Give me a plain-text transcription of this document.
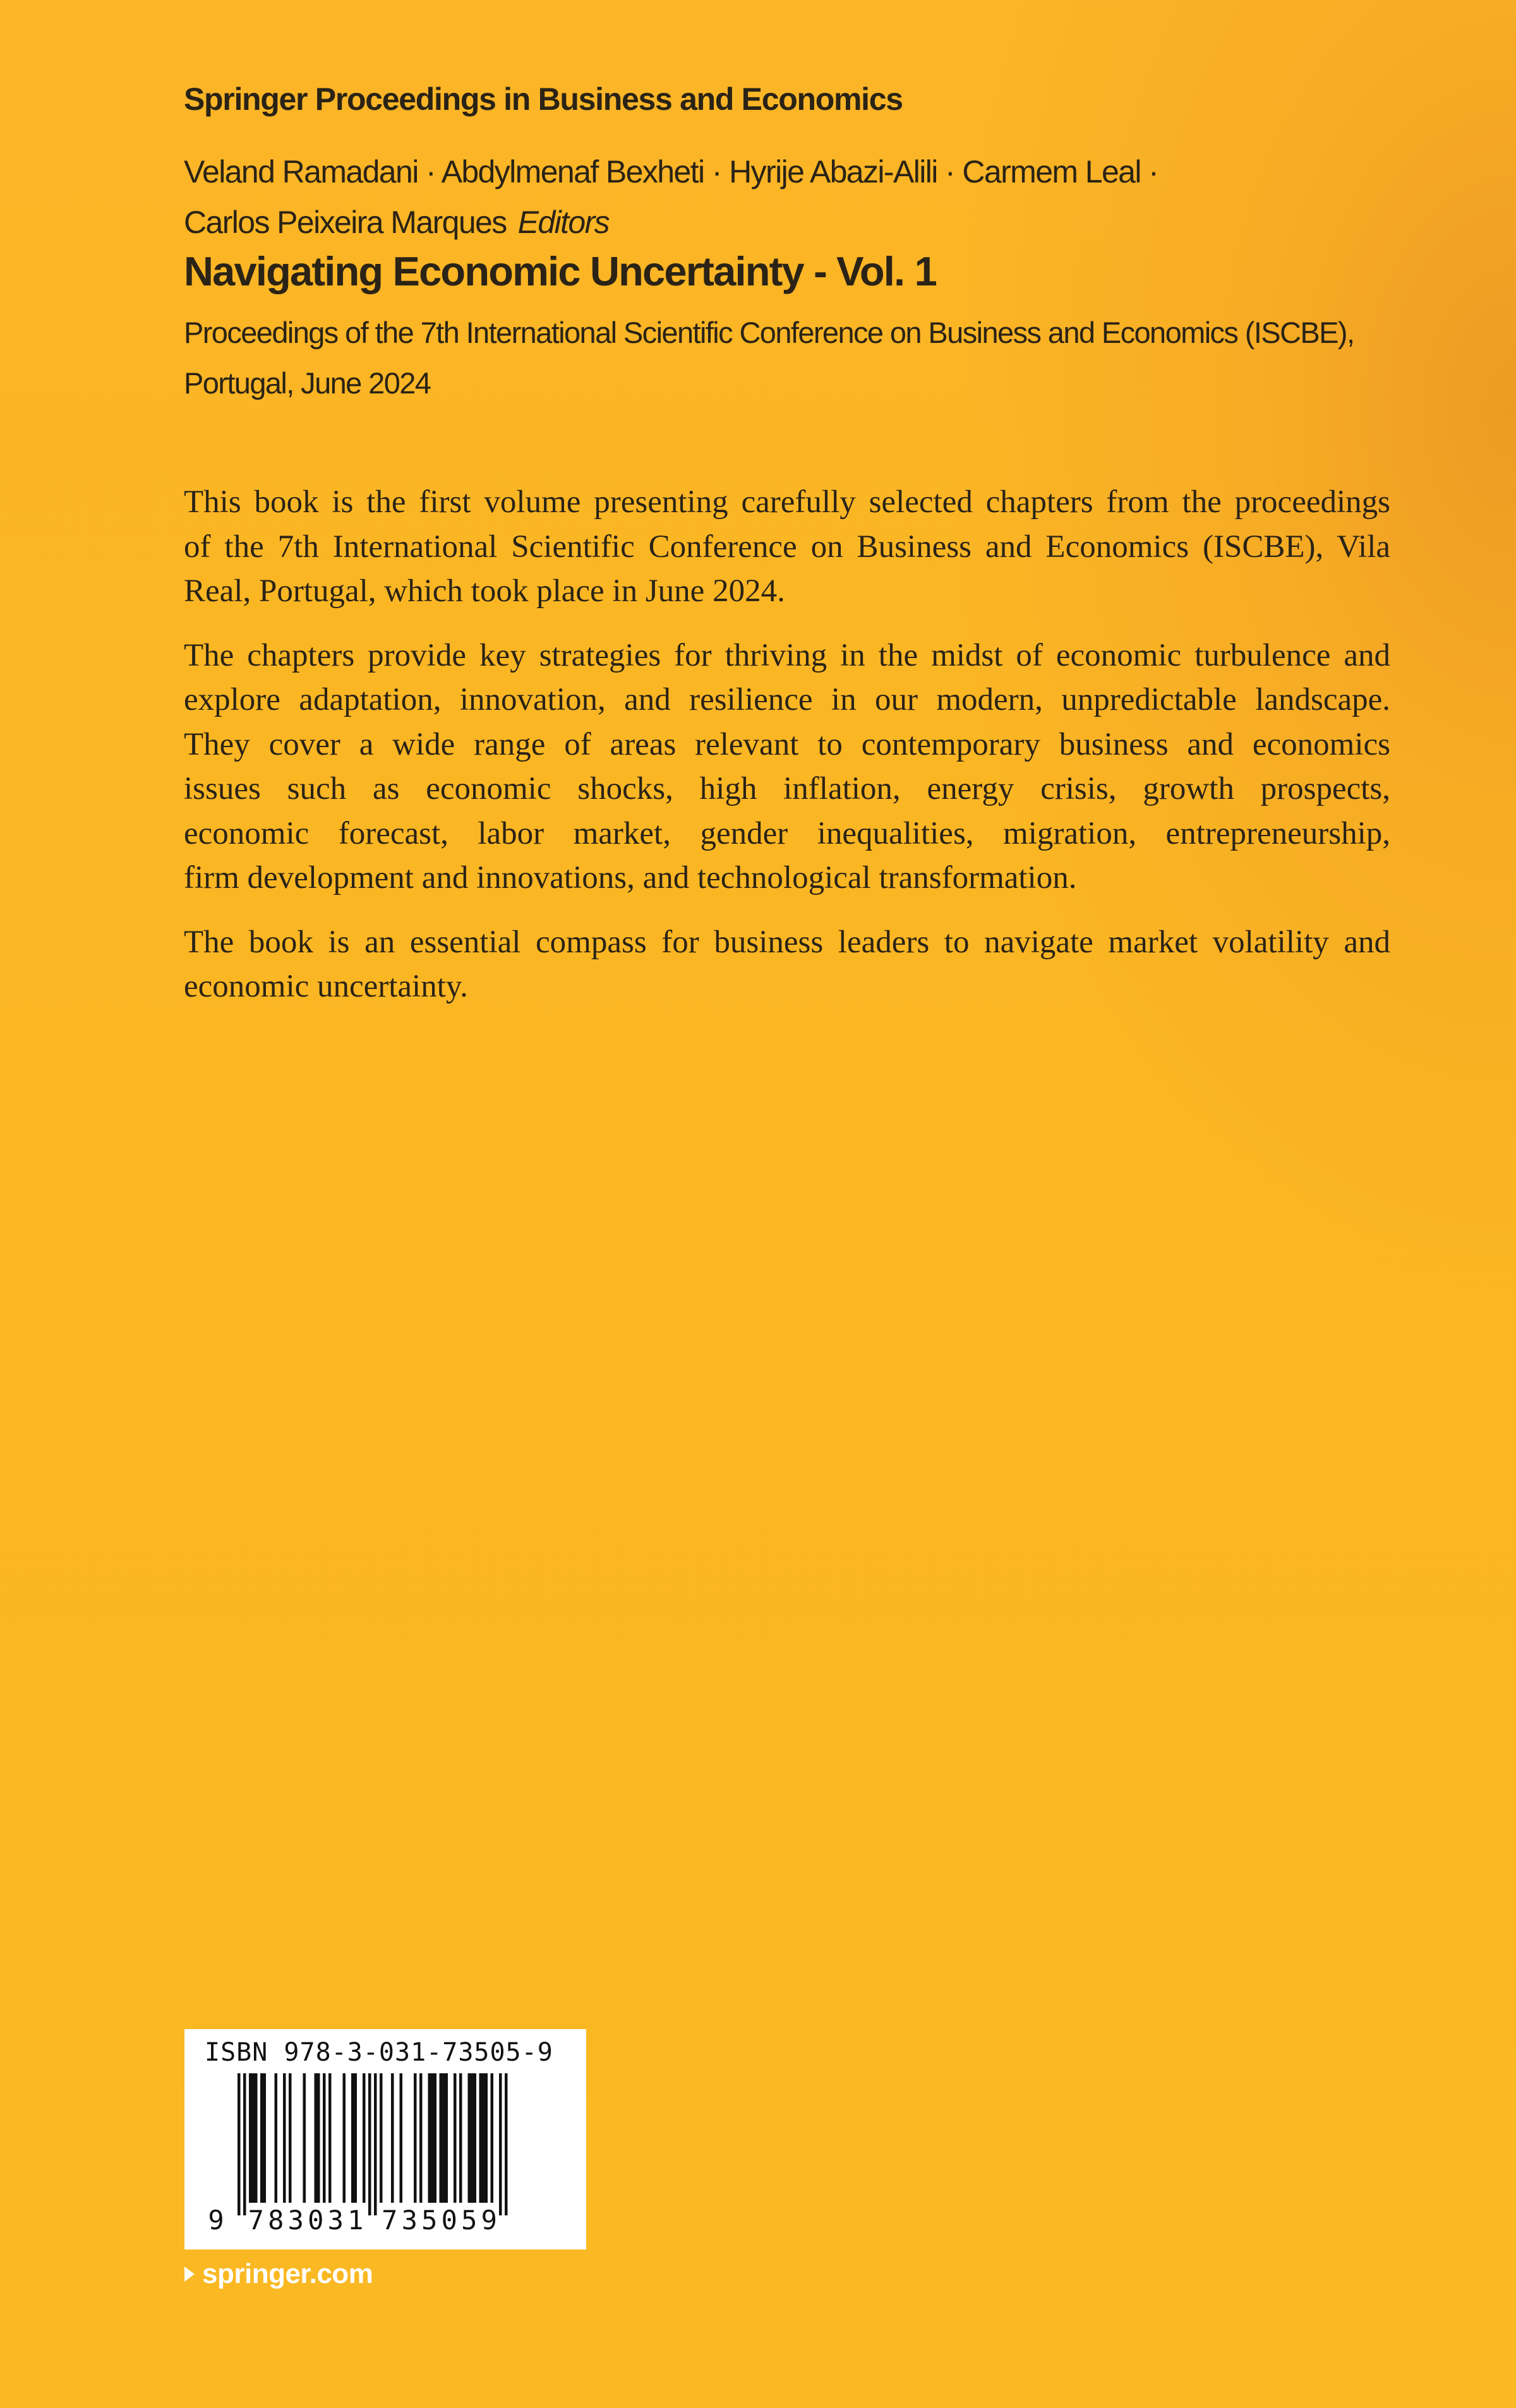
Springer Proceedings in Business and Economics
Veland Ramadani · Abdylmenaf Bexheti · Hyrije Abazi-Alili · Carmem Leal ·
Carlos Peixeira Marques Editors
Navigating Economic Uncertainty - Vol. 1
Proceedings of the 7th International Scientific Conference on Business and Economics (ISCBE),
Portugal, June 2024

This book is the first volume presenting carefully selected chapters from the proceedings
of the 7th International Scientific Conference on Business and Economics (ISCBE), Vila
Real, Portugal, which took place in June 2024.

The chapters provide key strategies for thriving in the midst of economic turbulence and
explore adaptation, innovation, and resilience in our modern, unpredictable landscape.
They cover a wide range of areas relevant to contemporary business and economics
issues such as economic shocks, high inflation, energy crisis, growth prospects,
economic forecast, labor market, gender inequalities, migration, entrepreneurship,
firm development and innovations, and technological transformation.

The book is an essential compass for business leaders to navigate market volatility and
economic uncertainty.

9 7 8 3 0 3 1 7 3 5 0 5 9
ISBN 978-3-031-73505-9
springer.com
